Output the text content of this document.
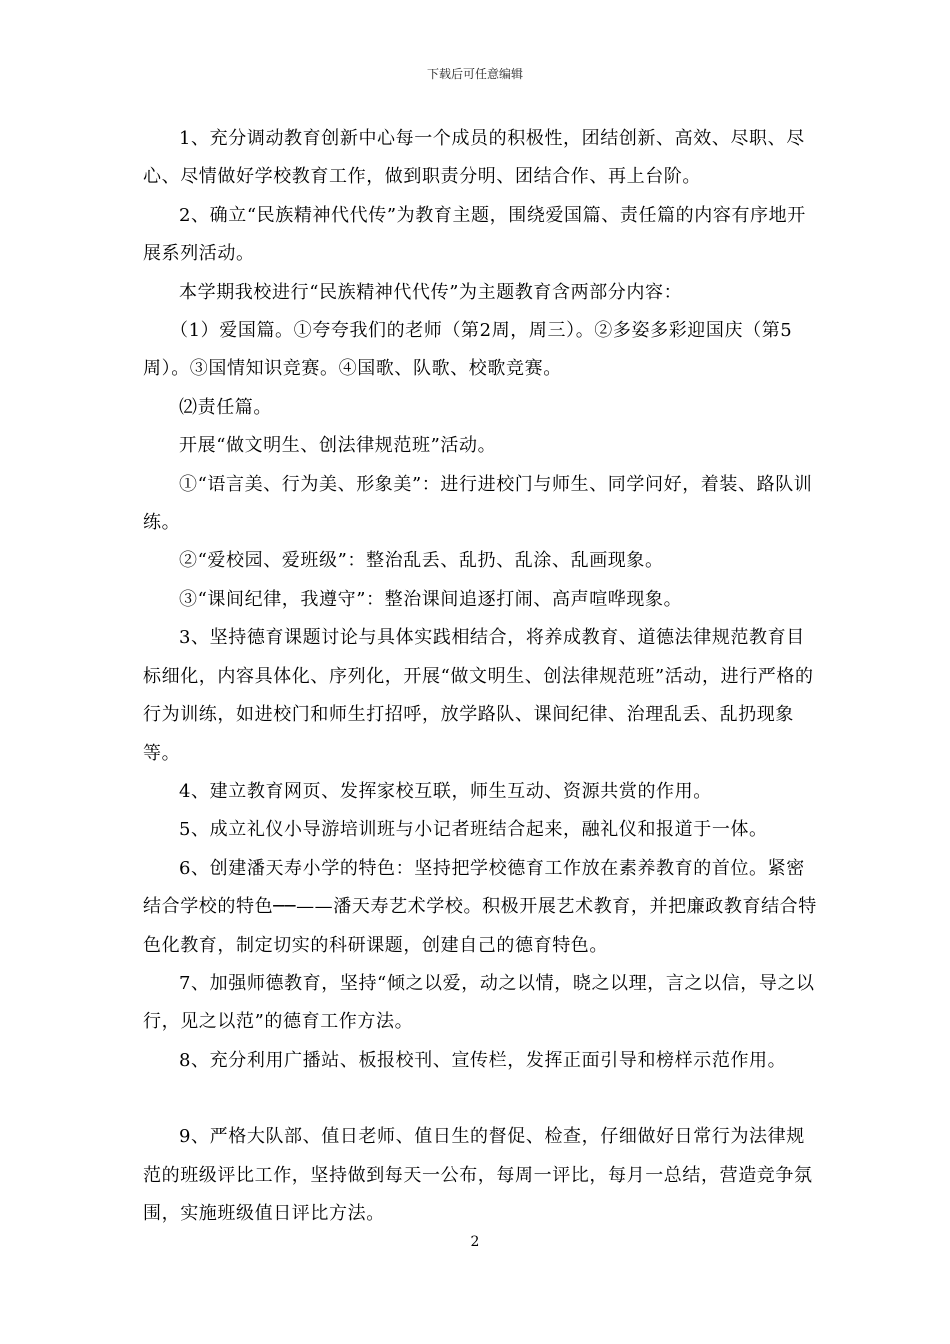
下载后可任意编辑

1、充分调动教育创新中心每一个成员的积极性，团结创新、高效、尽职、尽心、尽情做好学校教育工作，做到职责分明、团结合作、再上台阶。

2、确立“民族精神代代传”为教育主题，围绕爱国篇、责任篇的内容有序地开展系列活动。

本学期我校进行“民族精神代代传”为主题教育含两部分内容：

（1）爱国篇。①夸夸我们的老师（第2周，周三）。②多姿多彩迎国庆（第5周）。③国情知识竞赛。④国歌、队歌、校歌竞赛。

⑵责任篇。

开展“做文明生、创法律规范班”活动。

①“语言美、行为美、形象美”：进行进校门与师生、同学问好，着装、路队训练。

②“爱校园、爱班级”：整治乱丢、乱扔、乱涂、乱画现象。

③“课间纪律，我遵守”：整治课间追逐打闹、高声喧哗现象。

3、坚持德育课题讨论与具体实践相结合，将养成教育、道德法律规范教育目标细化，内容具体化、序列化，开展“做文明生、创法律规范班”活动，进行严格的行为训练，如进校门和师生打招呼，放学路队、课间纪律、治理乱丢、乱扔现象等。

4、建立教育网页、发挥家校互联，师生互动、资源共赏的作用。

5、成立礼仪小导游培训班与小记者班结合起来，融礼仪和报道于一体。

6、创建潘天寿小学的特色：坚持把学校德育工作放在素养教育的首位。紧密结合学校的特色──——潘天寿艺术学校。积极开展艺术教育，并把廉政教育结合特色化教育，制定切实的科研课题，创建自己的德育特色。

7、加强师德教育，坚持“倾之以爱，动之以情，晓之以理，言之以信，导之以行，见之以范”的德育工作方法。

8、充分利用广播站、板报校刊、宣传栏，发挥正面引导和榜样示范作用。

9、严格大队部、值日老师、值日生的督促、检查，仔细做好日常行为法律规范的班级评比工作，坚持做到每天一公布，每周一评比，每月一总结，营造竞争氛围，实施班级值日评比方法。

2
